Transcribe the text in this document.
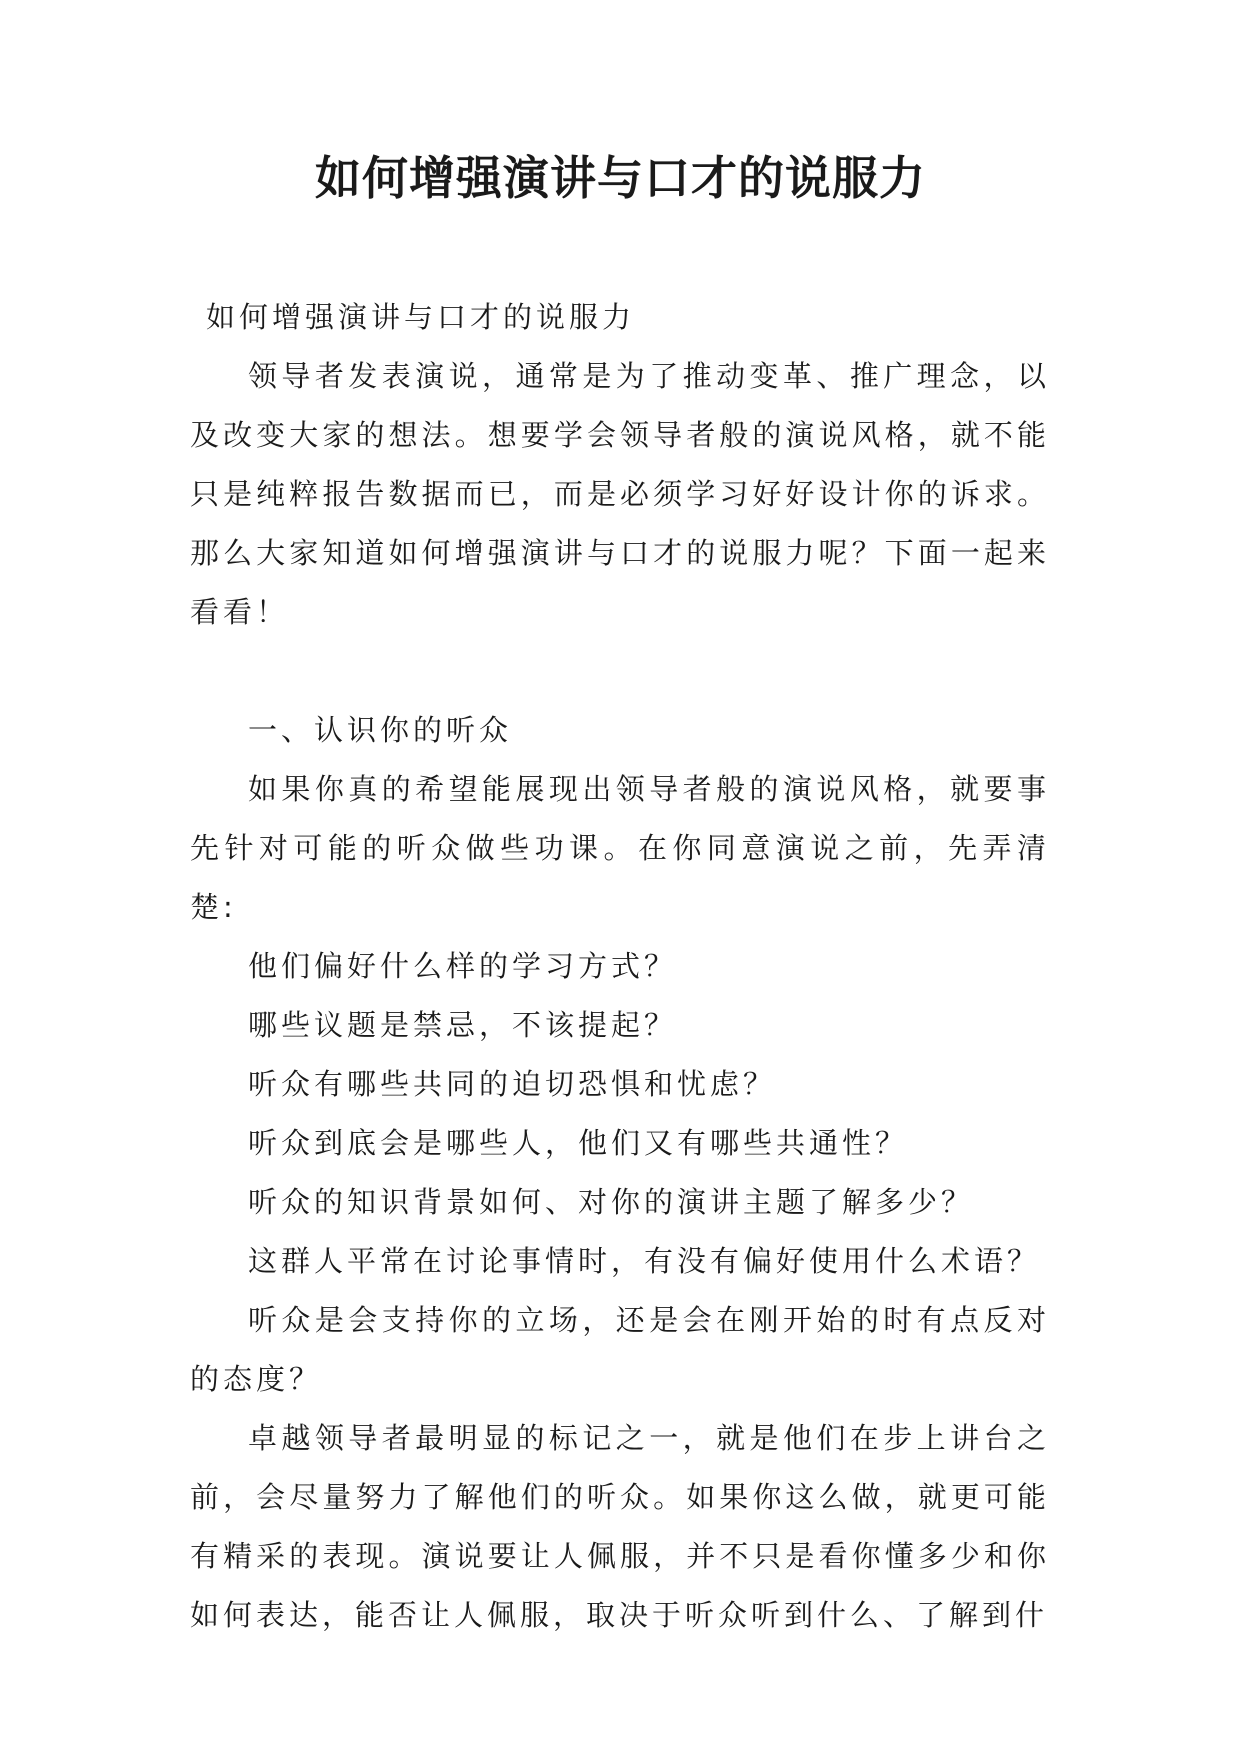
如何增强演讲与口才的说服力

如何增强演讲与口才的说服力

领导者发表演说，通常是为了推动变革、推广理念，以及改变大家的想法。想要学会领导者般的演说风格，就不能只是纯粹报告数据而已，而是必须学习好好设计你的诉求。那么大家知道如何增强演讲与口才的说服力呢？下面一起来看看！

一、认识你的听众

如果你真的希望能展现出领导者般的演说风格，就要事先针对可能的听众做些功课。在你同意演说之前，先弄清楚:

他们偏好什么样的学习方式？

哪些议题是禁忌，不该提起？

听众有哪些共同的迫切恐惧和忧虑？

听众到底会是哪些人，他们又有哪些共通性？

听众的知识背景如何、对你的演讲主题了解多少？

这群人平常在讨论事情时，有没有偏好使用什么术语？

听众是会支持你的立场，还是会在刚开始的时有点反对的态度？

卓越领导者最明显的标记之一，就是他们在步上讲台之前，会尽量努力了解他们的听众。如果你这么做，就更可能有精采的表现。演说要让人佩服，并不只是看你懂多少和你如何表达，能否让人佩服，取决于听众听到什么、了解到什
